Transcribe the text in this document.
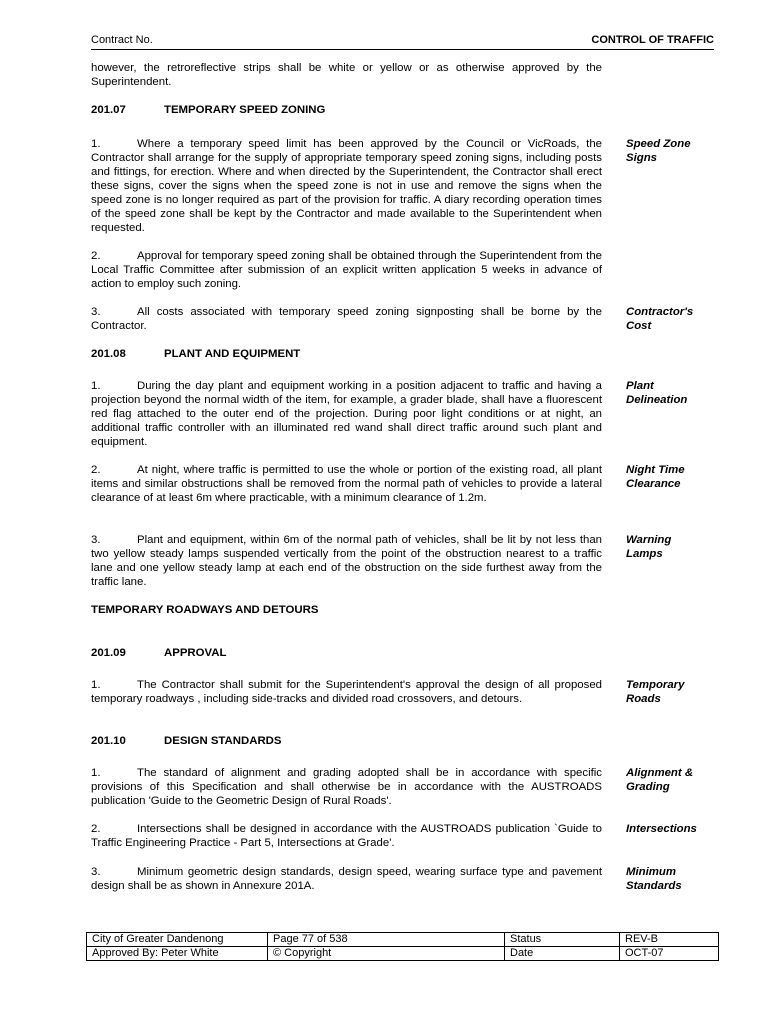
Contract No.	CONTROL OF TRAFFIC
however, the retroreflective strips shall be white or yellow or as otherwise approved by the Superintendent.
201.07	TEMPORARY SPEED ZONING
1.	Where a temporary speed limit has been approved by the Council or VicRoads, the Contractor shall arrange for the supply of appropriate temporary speed zoning signs, including posts and fittings, for erection. Where and when directed by the Superintendent, the Contractor shall erect these signs, cover the signs when the speed zone is not in use and remove the signs when the speed zone is no longer required as part of the provision for traffic. A diary recording operation times of the speed zone shall be kept by the Contractor and made available to the Superintendent when requested.
Speed Zone
Signs
2.	Approval for temporary speed zoning shall be obtained through the Superintendent from the Local Traffic Committee after submission of an explicit written application 5 weeks in advance of action to employ such zoning.
3.	All costs associated with temporary speed zoning signposting shall be borne by the Contractor.
Contractor's
Cost
201.08	PLANT AND EQUIPMENT
1.	During the day plant and equipment working in a position adjacent to traffic and having a projection beyond the normal width of the item, for example, a grader blade, shall have a fluorescent red flag attached to the outer end of the projection. During poor light conditions or at night, an additional traffic controller with an illuminated red wand shall direct traffic around such plant and equipment.
Plant
Delineation
2.	At night, where traffic is permitted to use the whole or portion of the existing road, all plant items and similar obstructions shall be removed from the normal path of vehicles to provide a lateral clearance of at least 6m where practicable, with a minimum clearance of 1.2m.
Night Time
Clearance
3.	Plant and equipment, within 6m of the normal path of vehicles, shall be lit by not less than two yellow steady lamps suspended vertically from the point of the obstruction nearest to a traffic lane and one yellow steady lamp at each end of the obstruction on the side furthest away from the traffic lane.
Warning
Lamps
TEMPORARY ROADWAYS AND DETOURS
201.09	APPROVAL
1.	The Contractor shall submit for the Superintendent's approval the design of all proposed temporary roadways , including side-tracks and divided road crossovers, and detours.
Temporary
Roads
201.10	DESIGN STANDARDS
1.	The standard of alignment and grading adopted shall be in accordance with specific provisions of this Specification and shall otherwise be in accordance with the AUSTROADS publication 'Guide to the Geometric Design of Rural Roads'.
Alignment &
Grading
2.	Intersections shall be designed in accordance with the AUSTROADS publication `Guide to Traffic Engineering Practice - Part 5, Intersections at Grade'.
Intersections
3.	Minimum geometric design standards, design speed, wearing surface type and pavement design shall be as shown in Annexure 201A.
Minimum
Standards
City of Greater Dandenong	Page 77 of 538	Status	REV-B
Approved By: Peter White	© Copyright	Date	OCT-07
